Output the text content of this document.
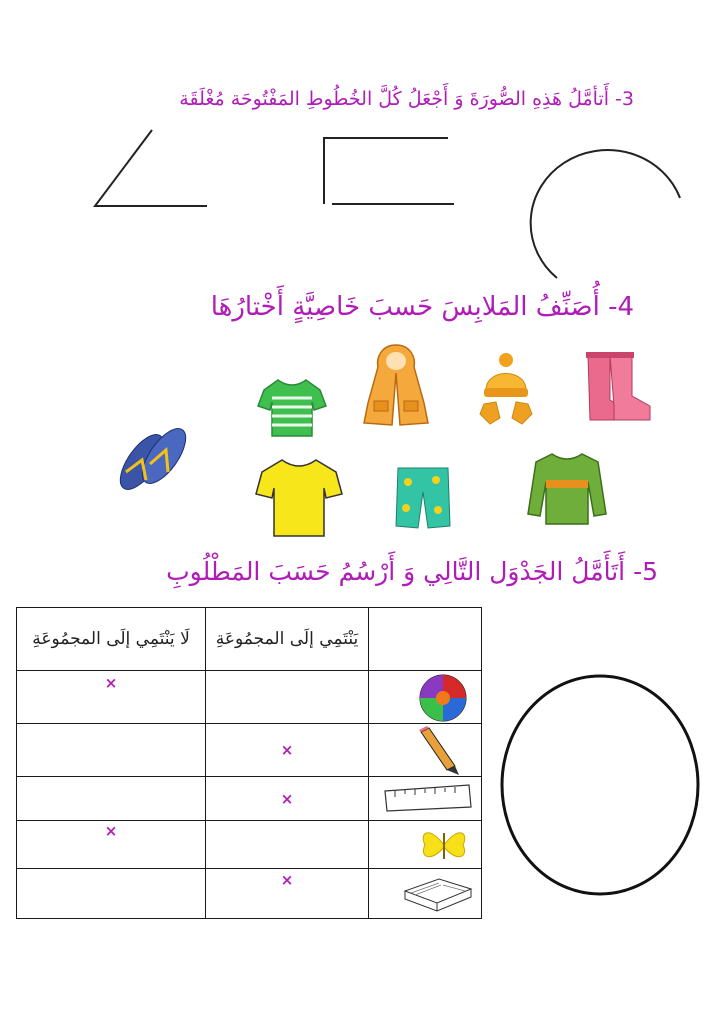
3- أَتأمَّلُ هَذِهِ الصُّورَةَ وَ أَجْعَلُ كُلَّ الخُطُوطِ المَفْتُوحَة مُغْلَقَة
4- أُصَنِّفُ المَلابِسَ حَسبَ خَاصِيَّةٍ أَخْتارُهَا
5- أَتَأَمَّلُ الجَدْوَل التَّالِي وَ أَرْسُمُ حَسَبَ المَطْلُوبِ
لَا يَنْتَمِي إلَى المجمُوعَةِ	يَنْتَمِي إلَى المجمُوعَةِ	
×		

	×	

	×	

×		

	×	
